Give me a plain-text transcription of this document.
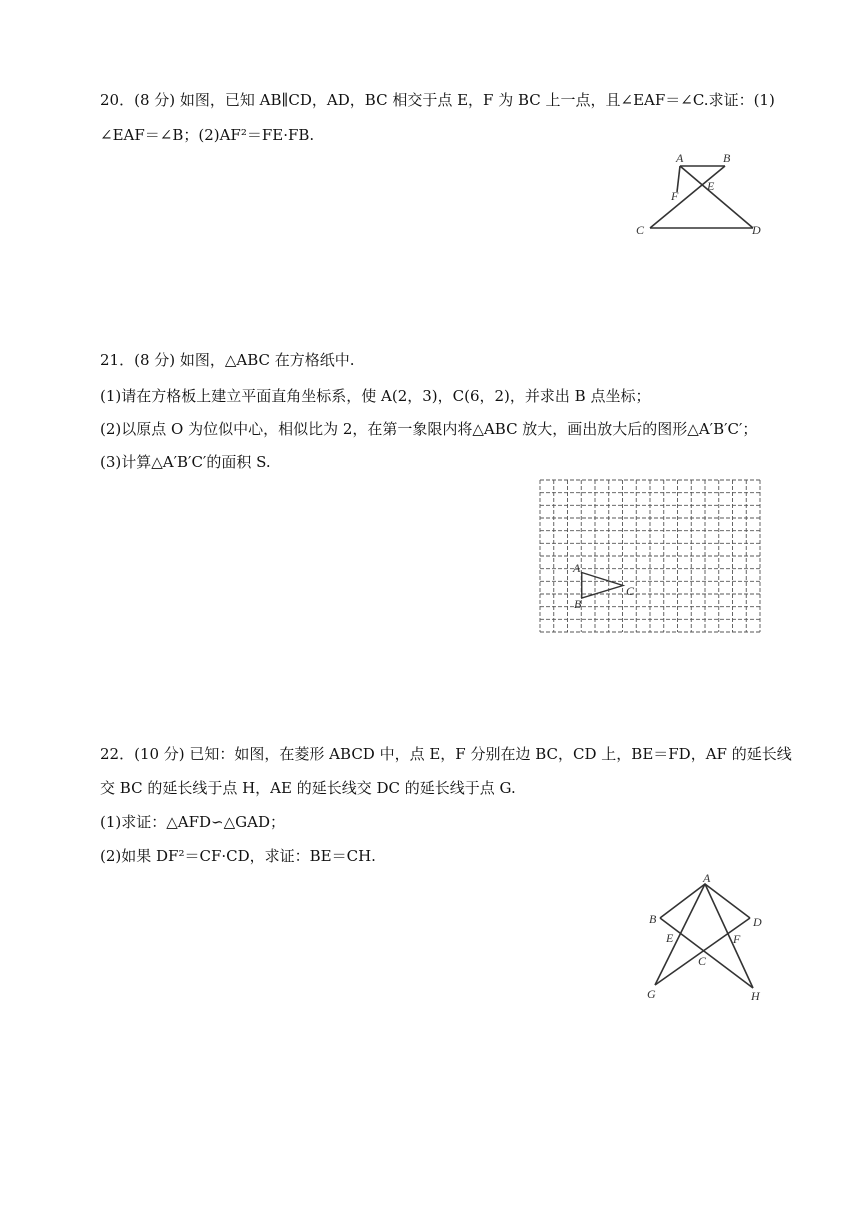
20．(8 分) 如图，已知 AB∥CD，AD，BC 相交于点 E，F 为 BC 上一点，且∠EAF＝∠C.求证：(1)
∠EAF＝∠B；(2)AF²＝FE·FB.
A	B
C	D
E
F
21．(8 分) 如图，△ABC 在方格纸中.
(1)请在方格板上建立平面直角坐标系，使 A(2，3)，C(6，2)，并求出 B 点坐标；
(2)以原点 O 为位似中心，相似比为 2，在第一象限内将△ABC 放大，画出放大后的图形△A′B′C′；
(3)计算△A′B′C′的面积 S.
A
B
C
22．(10 分) 已知：如图，在菱形 ABCD 中，点 E，F 分别在边 BC，CD 上，BE＝FD，AF 的延长线
交 BC 的延长线于点 H，AE 的延长线交 DC 的延长线于点 G.
(1)求证：△AFD∽△GAD；
(2)如果 DF²＝CF·CD，求证：BE＝CH.
A
B	D
C
E	F
G	H
